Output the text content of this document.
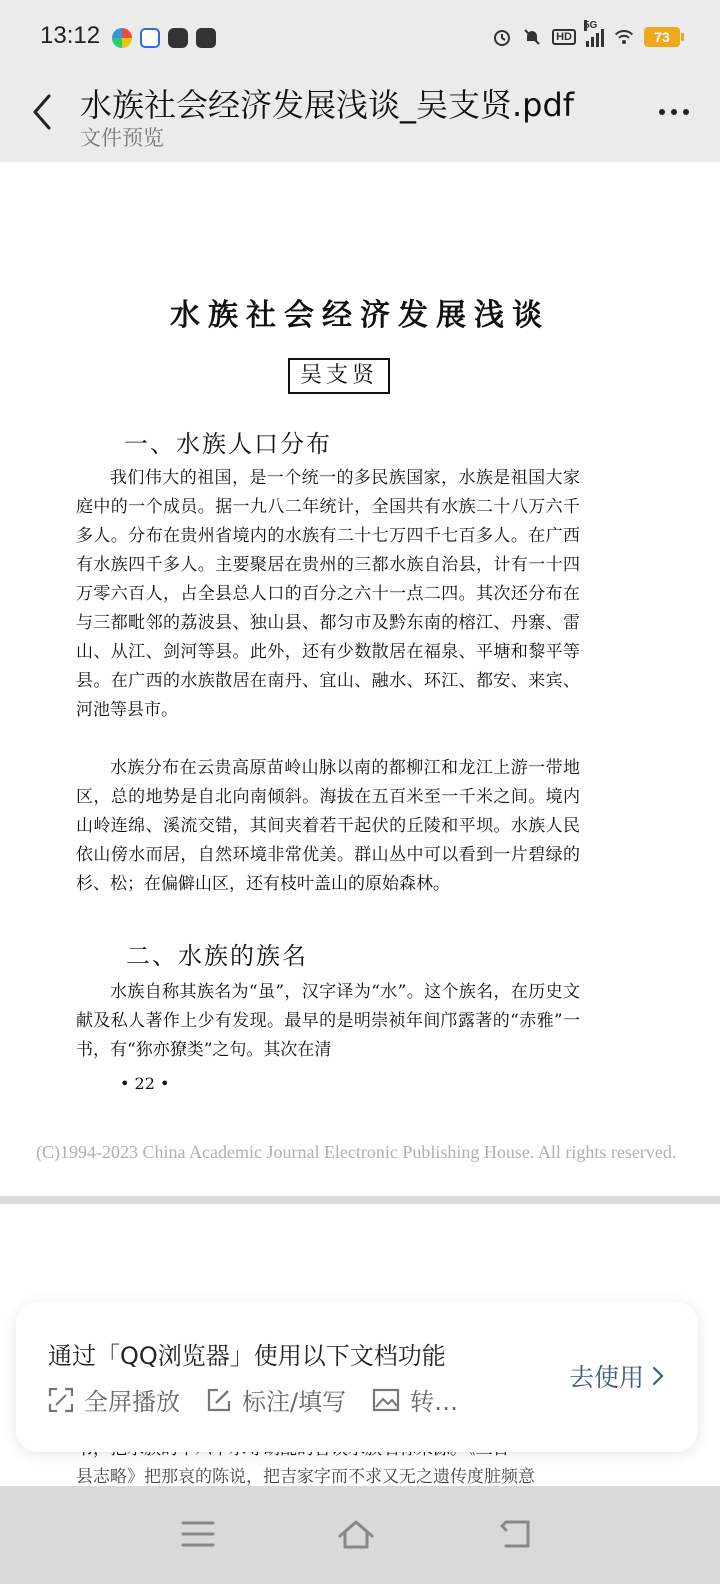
13:12	HD
5G
73
水族社会经济发展浅谈_吴支贤.pdf
文件预览
水族社会经济发展浅谈
吴支贤
一、水族人口分布
我们伟大的祖国，是一个统一的多民族国家，水族是祖国大家庭中的一个成员。据一九八二年统计，全国共有水族二十八万六千多人。分布在贵州省境内的水族有二十七万四千七百多人。在广西有水族四千多人。主要聚居在贵州的三都水族自治县，计有一十四万零六百人，占全县总人口的百分之六十一点二四。其次还分布在与三都毗邻的荔波县、独山县、都匀市及黔东南的榕江、丹寨、雷山、从江、剑河等县。此外，还有少数散居在福泉、平塘和黎平等县。在广西的水族散居在南丹、宜山、融水、环江、都安、来宾、河池等县市。
水族分布在云贵高原苗岭山脉以南的都柳江和龙江上游一带地区，总的地势是自北向南倾斜。海拔在五百米至一千米之间。境内山岭连绵、溪流交错，其间夹着若干起伏的丘陵和平坝。水族人民依山傍水而居，自然环境非常优美。群山丛中可以看到一片碧绿的杉、松；在偏僻山区，还有枝叶盖山的原始森林。
二、水族的族名
水族自称其族名为“虽”，汉字译为“水”。这个族名，在历史文献及私人著作上少有发现。最早的是明崇祯年间邝露著的“赤雅”一书，有“狝亦獠类”之句。其次在清
• 22 •
(C)1994-2023 China Academic Journal Electronic Publishing House. All rights reserved.
县志略》把那哀的陈说，把吉家字而不求又无之遗传度脏频意
通过「QQ浏览器」使用以下文档功能
全屏播放	标注/填写	转…
去使用
